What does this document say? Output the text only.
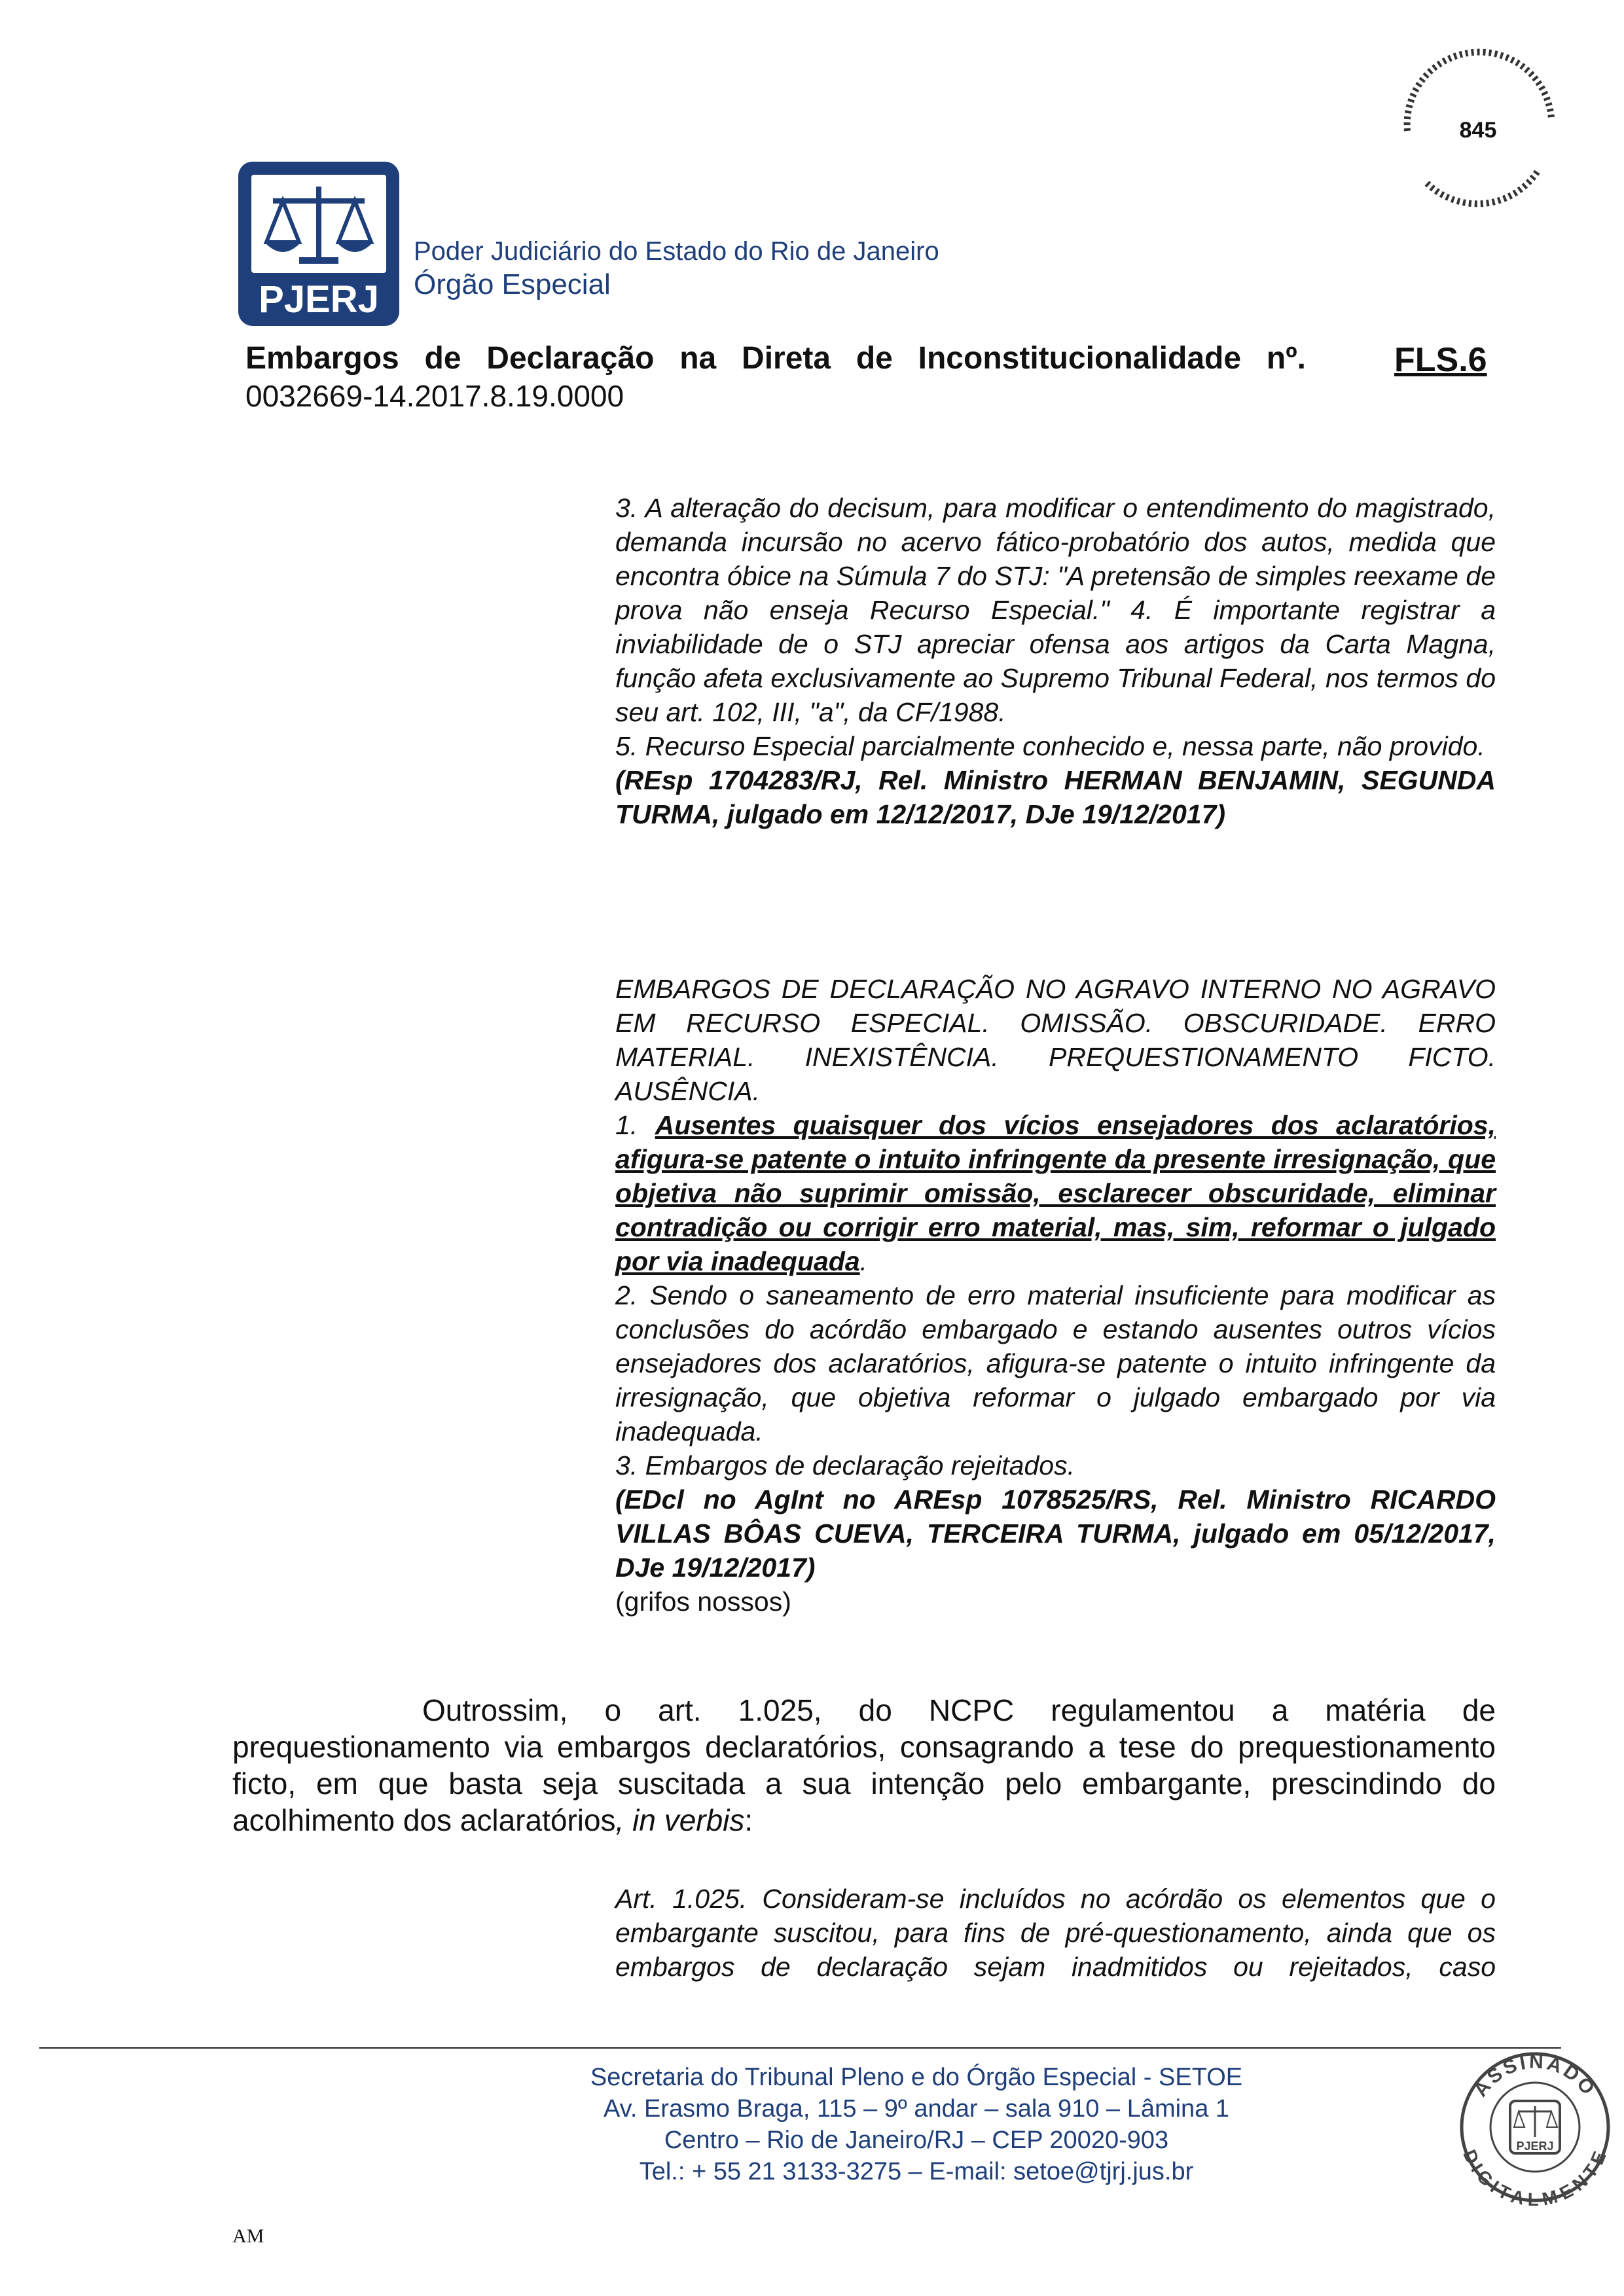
845
PJERJ
Poder Judiciário do Estado do Rio de Janeiro
Órgão Especial
Embargos de Declaração na Direta de Inconstitucionalidade nº.
0032669-14.2017.8.19.0000
FLS.6

3. A alteração do decisum, para modificar o entendimento do magistrado, demanda incursão no acervo fático-probatório dos autos, medida que encontra óbice na Súmula 7 do STJ: "A pretensão de simples reexame de prova não enseja Recurso Especial." 4. É importante registrar a inviabilidade de o STJ apreciar ofensa aos artigos da Carta Magna, função afeta exclusivamente ao Supremo Tribunal Federal, nos termos do seu art. 102, III, "a", da CF/1988.

5. Recurso Especial parcialmente conhecido e, nessa parte, não provido.

(REsp 1704283/RJ, Rel. Ministro HERMAN BENJAMIN, SEGUNDA TURMA, julgado em 12/12/2017, DJe 19/12/2017)

EMBARGOS DE DECLARAÇÃO NO AGRAVO INTERNO NO AGRAVO EM RECURSO ESPECIAL. OMISSÃO. OBSCURIDADE. ERRO MATERIAL. INEXISTÊNCIA. PREQUESTIONAMENTO FICTO. AUSÊNCIA.

1. Ausentes quaisquer dos vícios ensejadores dos aclaratórios, afigura-se patente o intuito infringente da presente irresignação, que objetiva não suprimir omissão, esclarecer obscuridade, eliminar contradição ou corrigir erro material, mas, sim, reformar o julgado por via inadequada.

2. Sendo o saneamento de erro material insuficiente para modificar as conclusões do acórdão embargado e estando ausentes outros vícios ensejadores dos aclaratórios, afigura-se patente o intuito infringente da irresignação, que objetiva reformar o julgado embargado por via inadequada.

3. Embargos de declaração rejeitados.

(EDcl no AgInt no AREsp 1078525/RS, Rel. Ministro RICARDO VILLAS BÔAS CUEVA, TERCEIRA TURMA, julgado em 05/12/2017, DJe 19/12/2017)

(grifos nossos)

Outrossim, o art. 1.025, do NCPC regulamentou a matéria de prequestionamento via embargos declaratórios, consagrando a tese do prequestionamento ficto, em que basta seja suscitada a sua intenção pelo embargante, prescindindo do acolhimento dos aclaratórios, in verbis:

Art. 1.025. Consideram-se incluídos no acórdão os elementos que o embargante suscitou, para fins de pré-questionamento, ainda que os embargos de declaração sejam inadmitidos ou rejeitados, caso

Secretaria do Tribunal Pleno e do Órgão Especial - SETOE
Av. Erasmo Braga, 115 – 9º andar – sala 910 – Lâmina 1
Centro – Rio de Janeiro/RJ – CEP 20020-903
Tel.: + 55 21 3133-3275 – E-mail: setoe@tjrj.jus.br
ASSINADO
DIGITALMENTE
PJERJ
AM
